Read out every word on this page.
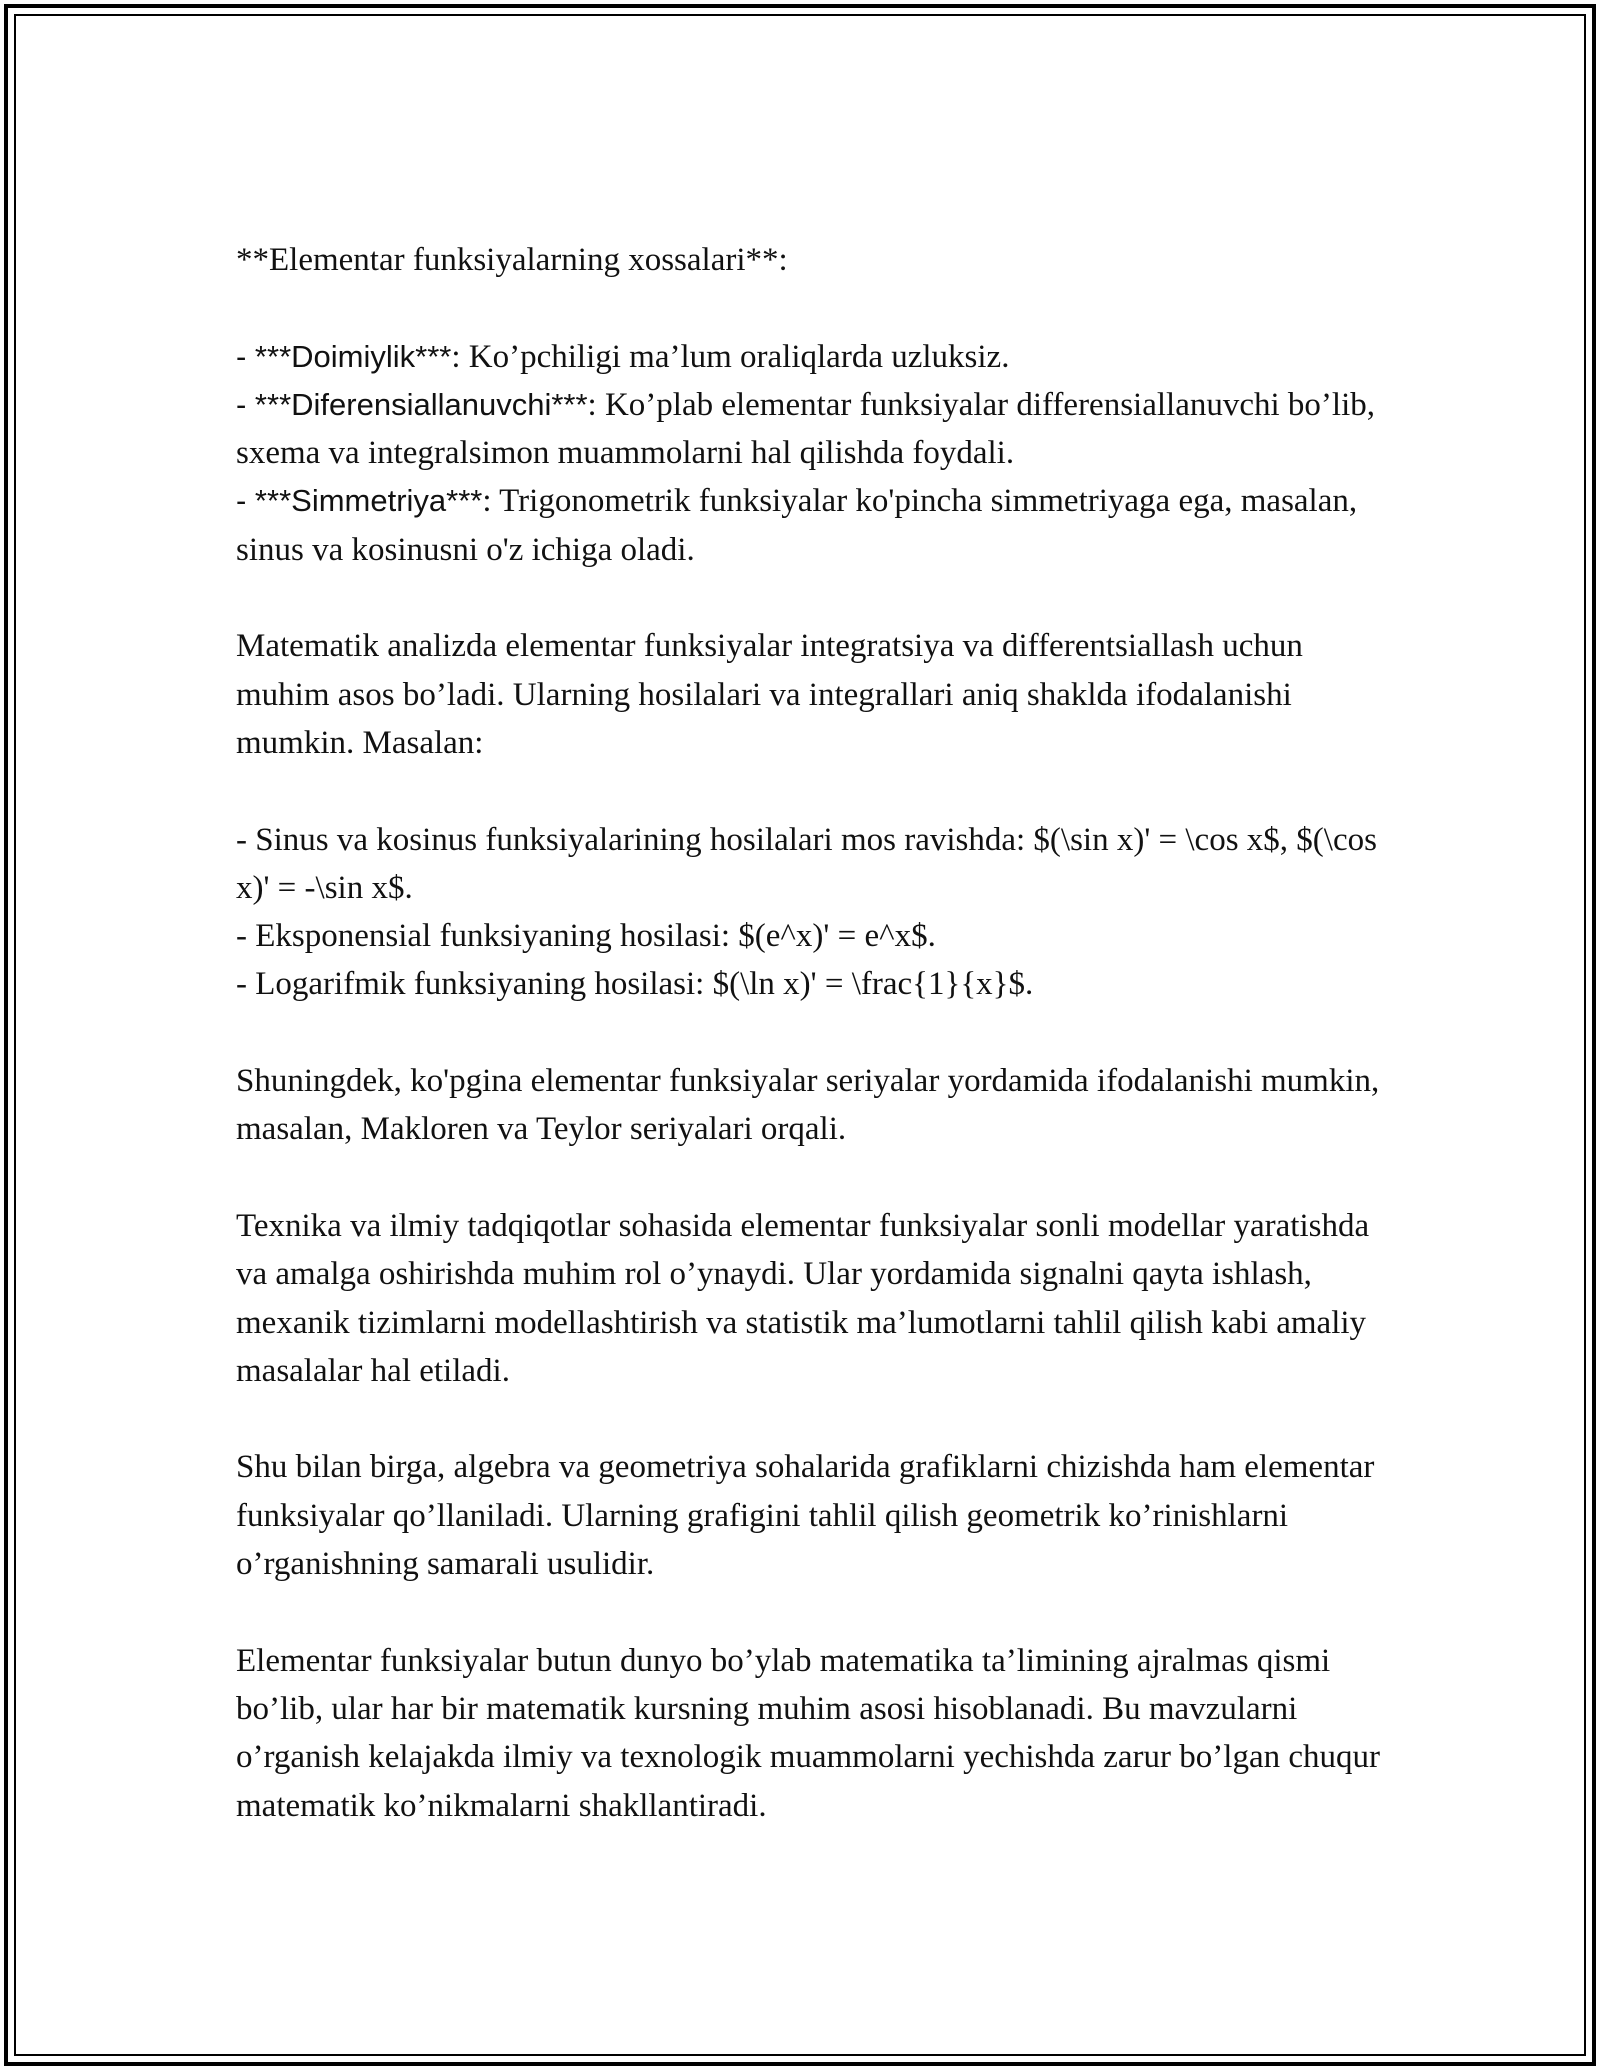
**Elementar funksiyalarning xossalari**:

- ***Doimiylik***: Ko’pchiligi ma’lum oraliqlarda uzluksiz.
- ***Diferensiallanuvchi***: Ko’plab elementar funksiyalar differensiallanuvchi bo’lib, sxema va integralsimon muammolarni hal qilishda foydali.
- ***Simmetriya***: Trigonometrik funksiyalar ko'pincha simmetriyaga ega, masalan, sinus va kosinusni o'z ichiga oladi.

Matematik analizda elementar funksiyalar integratsiya va differentsiallash uchun muhim asos bo’ladi. Ularning hosilalari va integrallari aniq shaklda ifodalanishi mumkin. Masalan:

- Sinus va kosinus funksiyalarining hosilalari mos ravishda: $(\sin x)' = \cos x$, $(\cos x)' = -\sin x$.
- Eksponensial funksiyaning hosilasi: $(e^x)' = e^x$.
- Logarifmik funksiyaning hosilasi: $(\ln x)' = \frac{1}{x}$.

Shuningdek, ko'pgina elementar funksiyalar seriyalar yordamida ifodalanishi mumkin, masalan, Makloren va Teylor seriyalari orqali.

Texnika va ilmiy tadqiqotlar sohasida elementar funksiyalar sonli modellar yaratishda va amalga oshirishda muhim rol o’ynaydi. Ular yordamida signalni qayta ishlash, mexanik tizimlarni modellashtirish va statistik ma’lumotlarni tahlil qilish kabi amaliy masalalar hal etiladi.

Shu bilan birga, algebra va geometriya sohalarida grafiklarni chizishda ham elementar funksiyalar qo’llaniladi. Ularning grafigini tahlil qilish geometrik ko’rinishlarni o’rganishning samarali usulidir.

Elementar funksiyalar butun dunyo bo’ylab matematika ta’limining ajralmas qismi bo’lib, ular har bir matematik kursning muhim asosi hisoblanadi. Bu mavzularni o’rganish kelajakda ilmiy va texnologik muammolarni yechishda zarur bo’lgan chuqur matematik ko’nikmalarni shakllantiradi.
